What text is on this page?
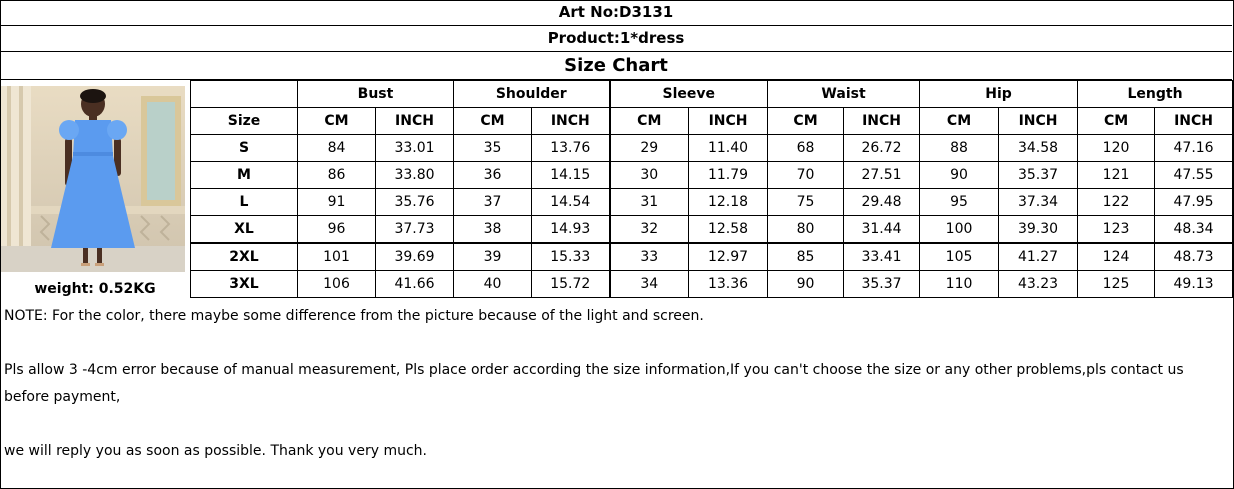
Art No:D3131
Product:1*dress
Size Chart
weight: 0.52KG
	Bust		Shoulder		Sleeve		Waist		Hip		Length	
Size	CM	INCH	CM	INCH	CM	INCH	CM	INCH	CM	INCH	CM	INCH
S	84	33.01	35	13.76	29	11.40	68	26.72	88	34.58	120	47.16
M	86	33.80	36	14.15	30	11.79	70	27.51	90	35.37	121	47.55
L	91	35.76	37	14.54	31	12.18	75	29.48	95	37.34	122	47.95
XL	96	37.73	38	14.93	32	12.58	80	31.44	100	39.30	123	48.34
2XL	101	39.69	39	15.33	33	12.97	85	33.41	105	41.27	124	48.73
3XL	106	41.66	40	15.72	34	13.36	90	35.37	110	43.23	125	49.13

NOTE: For the color, there maybe some difference from the picture because of the light and screen.

Pls allow 3 -4cm error because of manual measurement, Pls place order according the size information,If you can't choose the size or any other problems,pls contact us before payment,

we will reply you as soon as possible. Thank you very much.
